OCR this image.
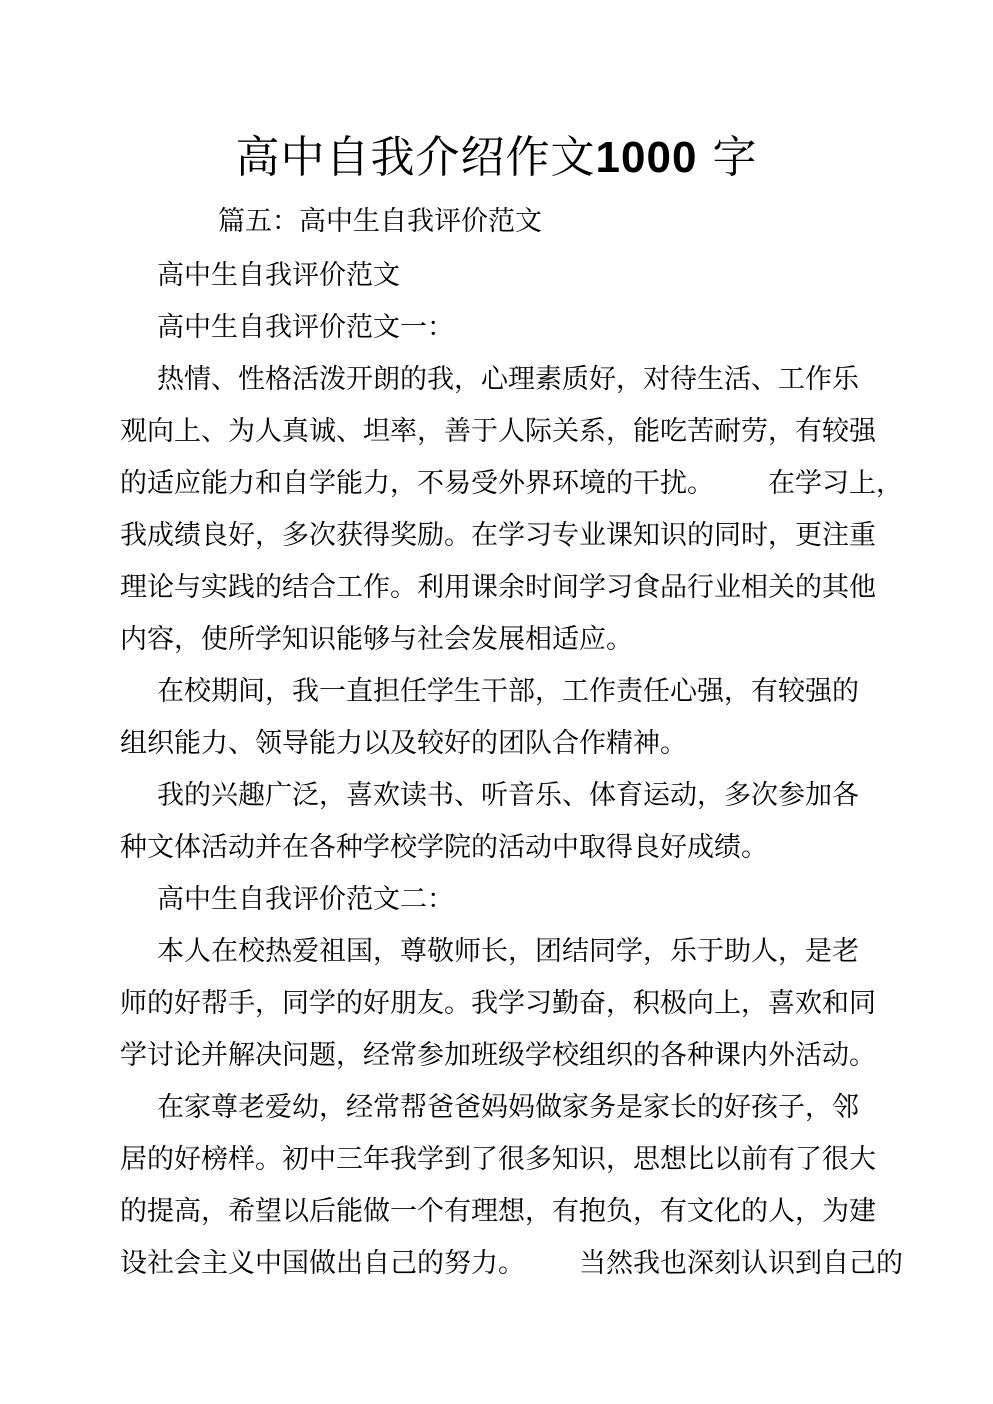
高中自我介绍作文1000 字
篇五：高中生自我评价范文

高中生自我评价范文

高中生自我评价范文一：

热情、性格活泼开朗的我，心理素质好，对待生活、工作乐
观向上、为人真诚、坦率，善于人际关系，能吃苦耐劳，有较强
的适应能力和自学能力，不易受外界环境的干扰。 在学习上，
我成绩良好，多次获得奖励。在学习专业课知识的同时，更注重
理论与实践的结合工作。利用课余时间学习食品行业相关的其他
内容，使所学知识能够与社会发展相适应。

在校期间，我一直担任学生干部，工作责任心强，有较强的
组织能力、领导能力以及较好的团队合作精神。

我的兴趣广泛，喜欢读书、听音乐、体育运动，多次参加各
种文体活动并在各种学校学院的活动中取得良好成绩。

高中生自我评价范文二：

本人在校热爱祖国，尊敬师长，团结同学，乐于助人，是老
师的好帮手，同学的好朋友。我学习勤奋，积极向上，喜欢和同
学讨论并解决问题，经常参加班级学校组织的各种课内外活动。

在家尊老爱幼，经常帮爸爸妈妈做家务是家长的好孩子，邻
居的好榜样。初中三年我学到了很多知识，思想比以前有了很大
的提高，希望以后能做一个有理想，有抱负，有文化的人，为建
设社会主义中国做出自己的努力。 当然我也深刻认识到自己的
